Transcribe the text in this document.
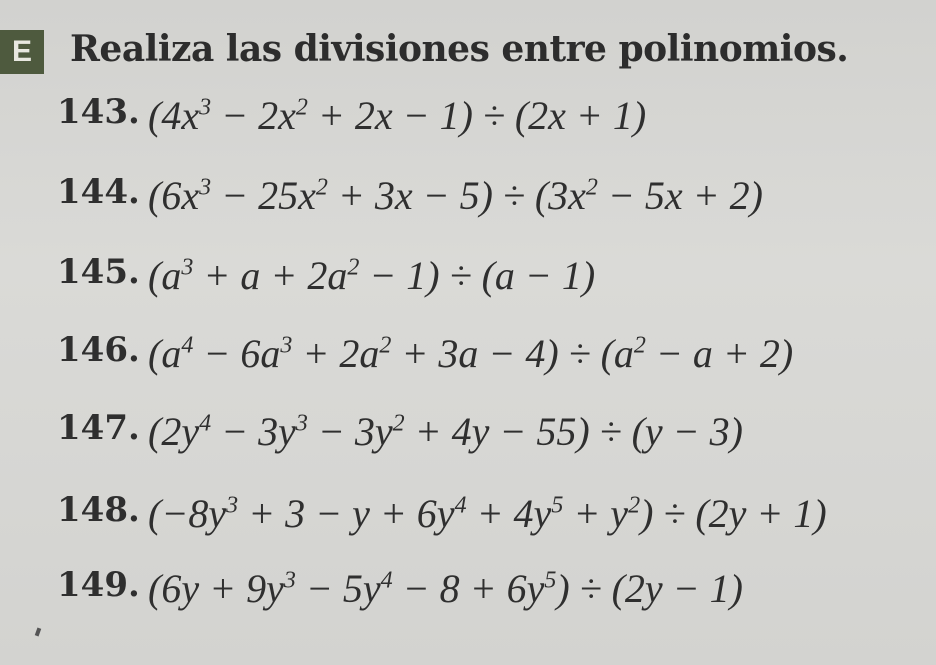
E	Realiza las divisiones entre polinomios.
143. $(4x^3 - 2x^2 + 2x - 1) \div (2x + 1)$
144. $(6x^3 - 25x^2 + 3x - 5) \div (3x^2 - 5x + 2)$
145. $(a^3 + a + 2a^2 - 1) \div (a - 1)$
146. $(a^4 - 6a^3 + 2a^2 + 3a - 4) \div (a^2 - a + 2)$
147. $(2y^4 - 3y^3 - 3y^2 + 4y - 55) \div (y - 3)$
148. $(-8y^3 + 3 - y + 6y^4 + 4y^5 + y^2) \div (2y + 1)$
149. $(6y + 9y^3 - 5y^4 - 8 + 6y^5) \div (2y - 1)$
